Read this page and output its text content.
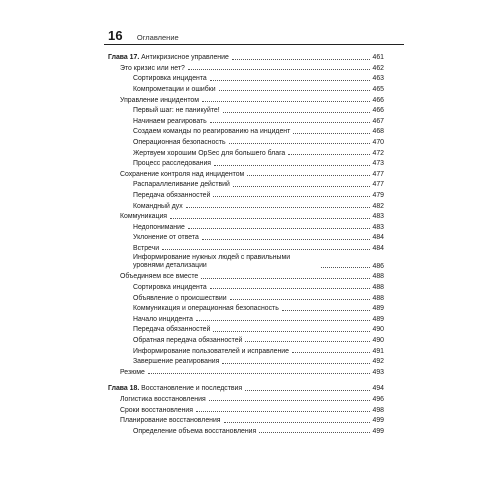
16 Оглавление
Глава 17. Антикризисное управление	461
Это кризис или нет?	462
Сортировка инцидента	463
Компрометации и ошибки	465
Управление инцидентом	466
Первый шаг: не паникуйте!	466
Начинаем реагировать	467
Создаем команды по реагированию на инцидент	468
Операционная безопасность	470
Жертвуем хорошим OpSec для большего блага	472
Процесс расследования	473
Сохранение контроля над инцидентом	477
Распараллеливание действий	477
Передача обязанностей	479
Командный дух	482
Коммуникация	483
Недопонимание	483
Уклонение от ответа	484
Встречи	484
Информирование нужных людей с правильными уровнями детализации	486
Объединяем все вместе	488
Сортировка инцидента	488
Объявление о происшествии	488
Коммуникация и операционная безопасность	489
Начало инцидента	489
Передача обязанностей	490
Обратная передача обязанностей	490
Информирование пользователей и исправление	491
Завершение реагирования	492
Резюме	493
Глава 18. Восстановление и последствия	494
Логистика восстановления	496
Сроки восстановления	498
Планирование восстановления	499
Определение объема восстановления	499
